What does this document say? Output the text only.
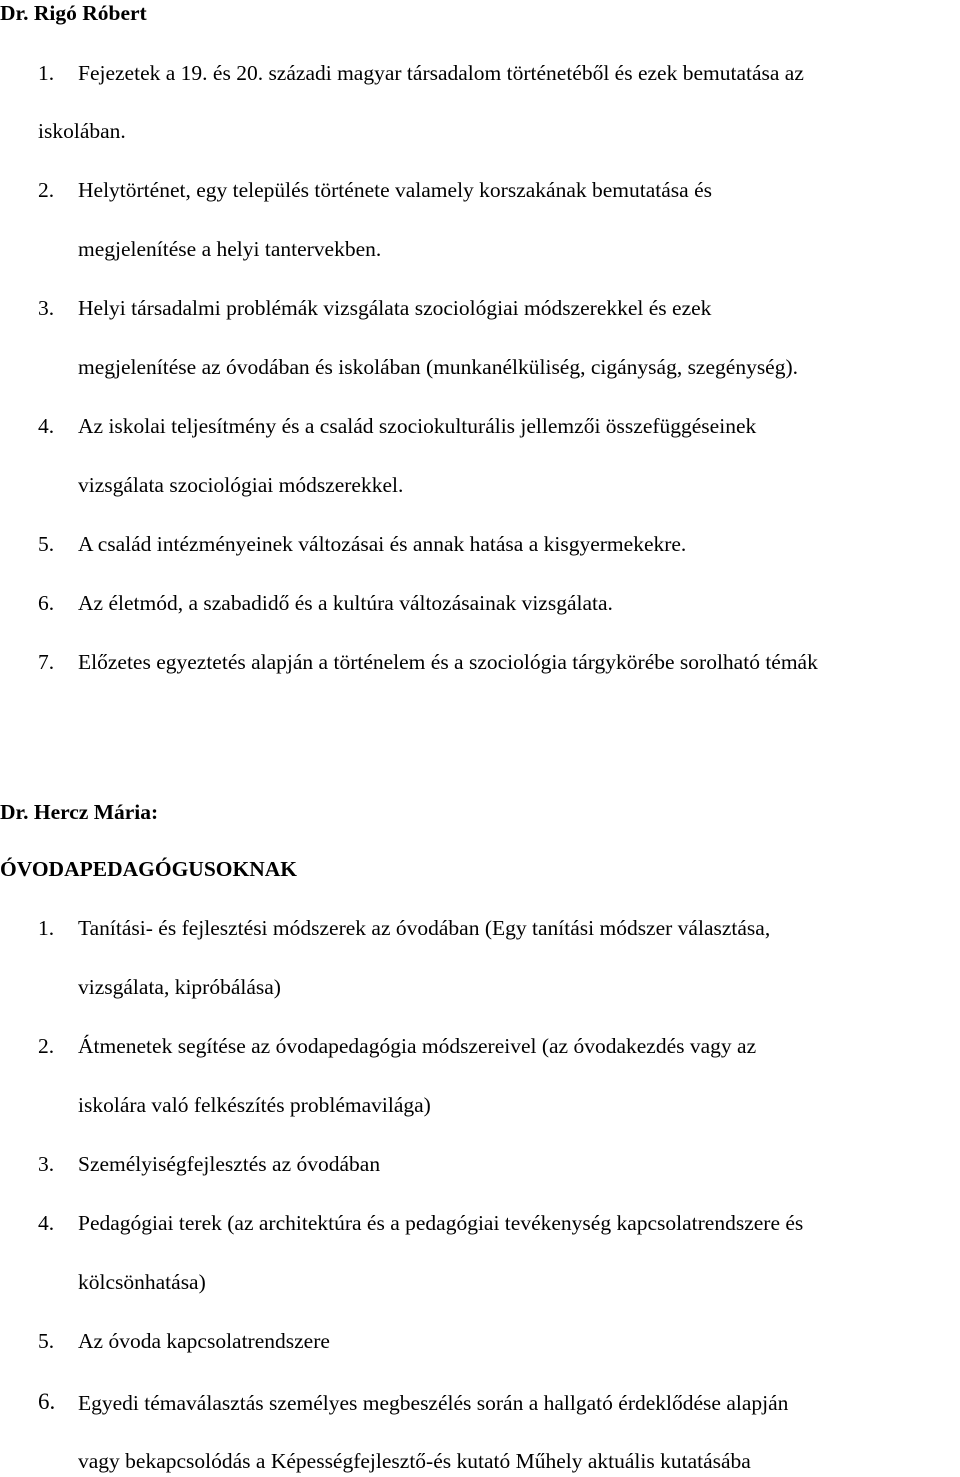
Dr. Rigó Róbert
1. Fejezetek a 19. és 20. századi magyar társadalom történetéből és ezek bemutatása az
iskolában.
2. Helytörténet, egy település története valamely korszakának bemutatása és
megjelenítése a helyi tantervekben.
3. Helyi társadalmi problémák vizsgálata szociológiai módszerekkel és ezek
megjelenítése az óvodában és iskolában (munkanélküliség, cigányság, szegénység).
4. Az iskolai teljesítmény és a család szociokulturális jellemzői összefüggéseinek
vizsgálata szociológiai módszerekkel.
5. A család intézményeinek változásai és annak hatása a kisgyermekekre.
6. Az életmód, a szabadidő és a kultúra változásainak vizsgálata.
7. Előzetes egyeztetés alapján a történelem és a szociológia tárgykörébe sorolható témák
Dr. Hercz Mária:
ÓVODAPEDAGÓGUSOKNAK
1. Tanítási- és fejlesztési módszerek az óvodában (Egy tanítási módszer választása,
vizsgálata, kipróbálása)
2. Átmenetek segítése az óvodapedagógia módszereivel (az óvodakezdés vagy az
iskolára való felkészítés problémavilága)
3. Személyiségfejlesztés az óvodában
4. Pedagógiai terek (az architektúra és a pedagógiai tevékenység kapcsolatrendszere és
kölcsönhatása)
5. Az óvoda kapcsolatrendszere
6. Egyedi témaválasztás személyes megbeszélés során a hallgató érdeklődése alapján
vagy bekapcsolódás a Képességfejlesztő-és kutató Műhely aktuális kutatásába
